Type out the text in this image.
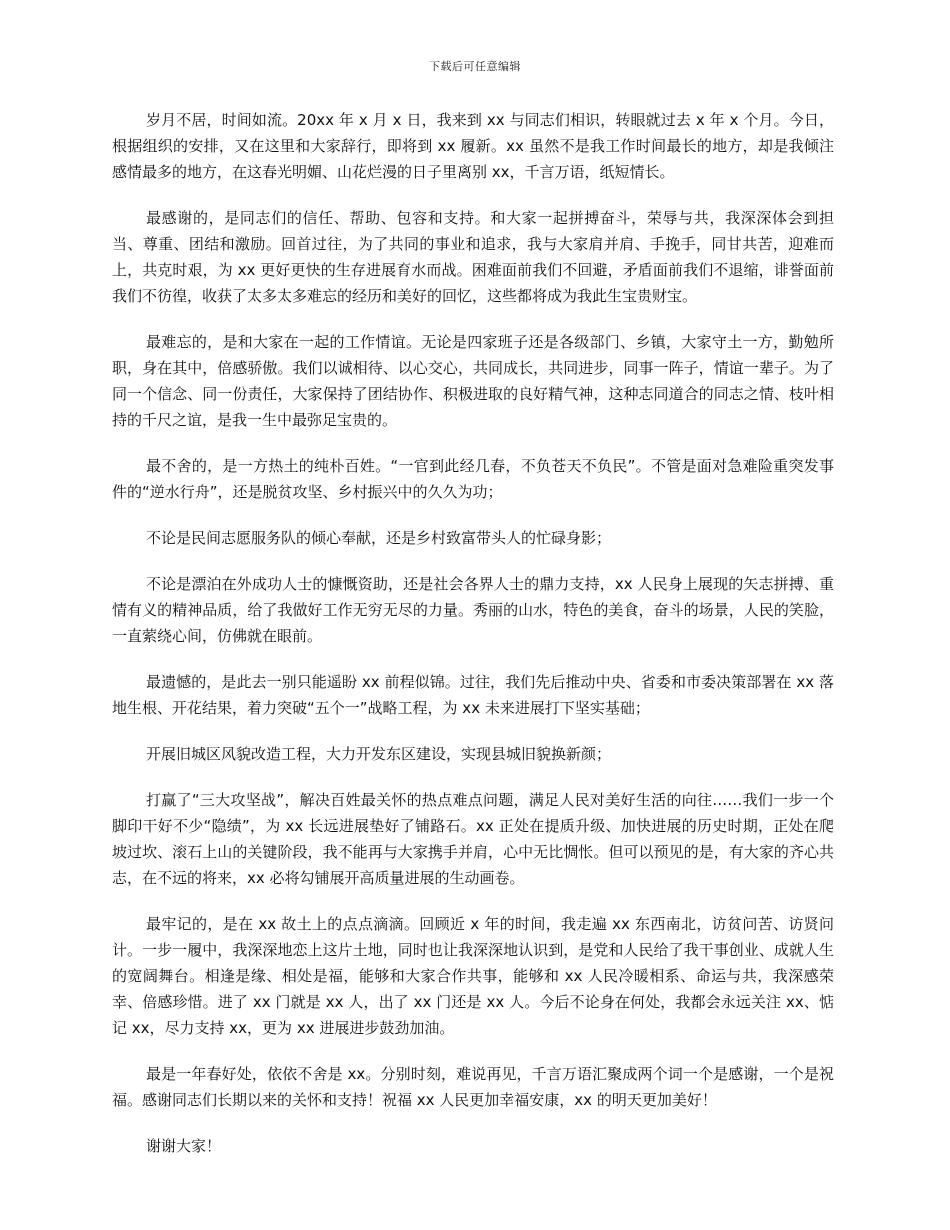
下载后可任意编辑

岁月不居，时间如流。20xx 年 x 月 x 日，我来到 xx 与同志们相识，转眼就过去 x 年 x 个月。今日，根据组织的安排，又在这里和大家辞行，即将到 xx 履新。xx 虽然不是我工作时间最长的地方，却是我倾注感情最多的地方，在这春光明媚、山花烂漫的日子里离别 xx，千言万语，纸短情长。

最感谢的，是同志们的信任、帮助、包容和支持。和大家一起拼搏奋斗，荣辱与共，我深深体会到担当、尊重、团结和激励。回首过往，为了共同的事业和追求，我与大家肩并肩、手挽手，同甘共苦，迎难而上，共克时艰，为 xx 更好更快的生存进展育水而战。困难面前我们不回避，矛盾面前我们不退缩，诽誉面前我们不彷徨，收获了太多太多难忘的经历和美好的回忆，这些都将成为我此生宝贵财宝。

最难忘的，是和大家在一起的工作情谊。无论是四家班子还是各级部门、乡镇，大家守土一方，勤勉所职，身在其中，倍感骄傲。我们以诚相待、以心交心，共同成长，共同进步，同事一阵子，情谊一辈子。为了同一个信念、同一份责任，大家保持了团结协作、积极进取的良好精气神，这种志同道合的同志之情、枝叶相持的千尺之谊，是我一生中最弥足宝贵的。

最不舍的，是一方热土的纯朴百姓。“一官到此经几春，不负苍天不负民”。不管是面对急难险重突发事件的“逆水行舟”，还是脱贫攻坚、乡村振兴中的久久为功；

不论是民间志愿服务队的倾心奉献，还是乡村致富带头人的忙碌身影；

不论是漂泊在外成功人士的慷慨资助，还是社会各界人士的鼎力支持，xx 人民身上展现的矢志拼搏、重情有义的精神品质，给了我做好工作无穷无尽的力量。秀丽的山水，特色的美食，奋斗的场景，人民的笑脸，一直萦绕心间，仿佛就在眼前。

最遗憾的，是此去一别只能遥盼 xx 前程似锦。过往，我们先后推动中央、省委和市委决策部署在 xx 落地生根、开花结果，着力突破“五个一”战略工程，为 xx 未来进展打下坚实基础；

开展旧城区风貌改造工程，大力开发东区建设，实现县城旧貌换新颜；

打赢了“三大攻坚战”，解决百姓最关怀的热点难点问题，满足人民对美好生活的向往……我们一步一个脚印干好不少“隐绩”，为 xx 长远进展垫好了铺路石。xx 正处在提质升级、加快进展的历史时期，正处在爬坡过坎、滚石上山的关键阶段，我不能再与大家携手并肩，心中无比惆怅。但可以预见的是，有大家的齐心共志，在不远的将来，xx 必将勾铺展开高质量进展的生动画卷。

最牢记的，是在 xx 故土上的点点滴滴。回顾近 x 年的时间，我走遍 xx 东西南北，访贫问苦、访贤问计。一步一履中，我深深地恋上这片土地，同时也让我深深地认识到，是党和人民给了我干事创业、成就人生的宽阔舞台。相逢是缘、相处是福，能够和大家合作共事，能够和 xx 人民冷暖相系、命运与共，我深感荣幸、倍感珍惜。进了 xx 门就是 xx 人，出了 xx 门还是 xx 人。今后不论身在何处，我都会永远关注 xx、惦记 xx，尽力支持 xx，更为 xx 进展进步鼓劲加油。

最是一年春好处，依依不舍是 xx。分别时刻，难说再见，千言万语汇聚成两个词一个是感谢，一个是祝福。感谢同志们长期以来的关怀和支持！祝福 xx 人民更加幸福安康，xx 的明天更加美好！

谢谢大家！
